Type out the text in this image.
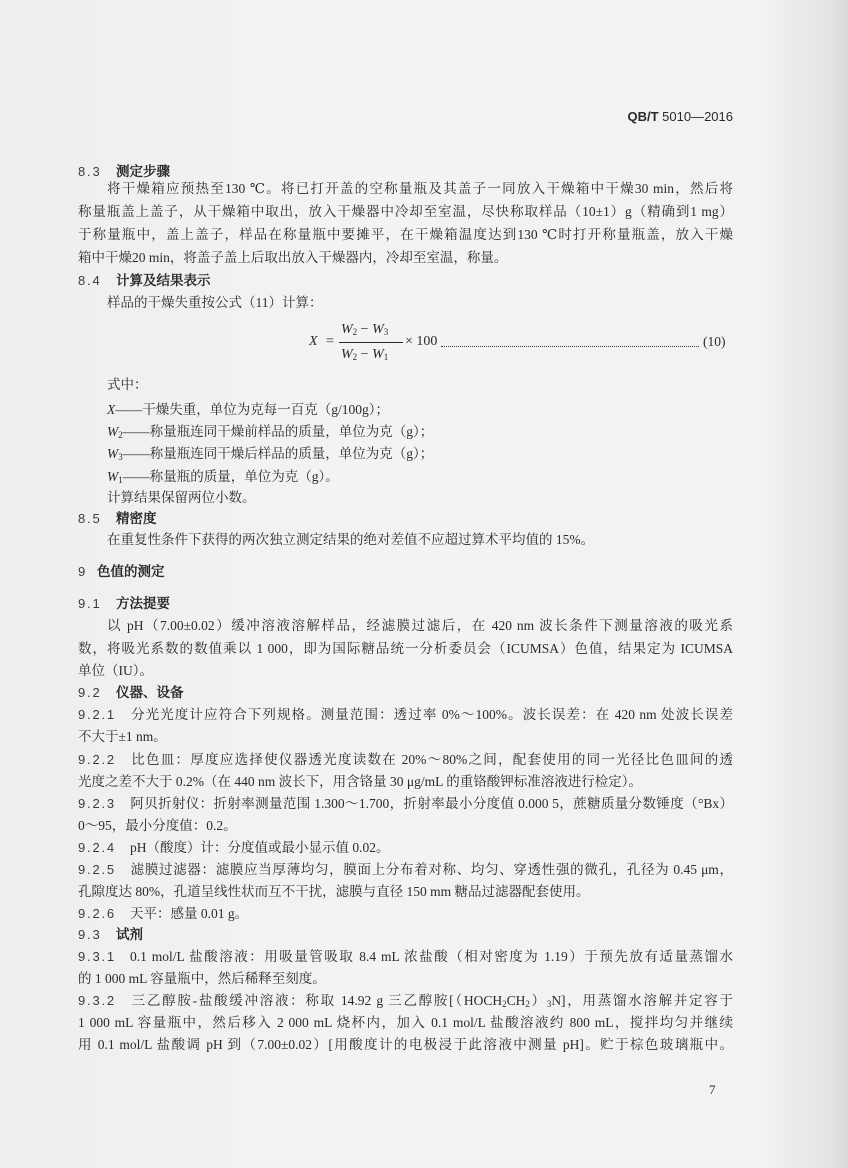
QB/T 5010—2016
8.3 测定步骤
将干燥箱应预热至130 ℃。将已打开盖的空称量瓶及其盖子一同放入干燥箱中干燥30 min，然后将
称量瓶盖上盖子，从干燥箱中取出，放入干燥器中冷却至室温，尽快称取样品（10±1）g（精确到1 mg）
于称量瓶中，盖上盖子，样品在称量瓶中要摊平，在干燥箱温度达到130 ℃时打开称量瓶盖，放入干燥
箱中干燥20 min，将盖子盖上后取出放入干燥器内，冷却至室温，称量。
8.4 计算及结果表示
样品的干燥失重按公式（11）计算：
X =
$W_2 - W_3$
$W_2 - W_1$
× 100	(10)
式中：
X——干燥失重，单位为克每一百克（g/100g）；
$W_2——$称量瓶连同干燥前样品的质量，单位为克（g）；
$W_3——$称量瓶连同干燥后样品的质量，单位为克（g）；
$W_1——$称量瓶的质量，单位为克（g）。
计算结果保留两位小数。
8.5 精密度
在重复性条件下获得的两次独立测定结果的绝对差值不应超过算术平均值的 15%。
9 色值的测定
9.1 方法提要
以 pH（7.00±0.02）缓冲溶液溶解样品，经滤膜过滤后，在 420 nm 波长条件下测量溶液的吸光系
数，将吸光系数的数值乘以 1 000，即为国际糖品统一分析委员会（ICUMSA）色值，结果定为 ICUMSA
单位（IU）。
9.2 仪器、设备
9.2.1 分光光度计应符合下列规格。测量范围：透过率 0%～100%。波长误差：在 420 nm 处波长误差
不大于±1 nm。
9.2.2 比色皿：厚度应选择使仪器透光度读数在 20%～80%之间，配套使用的同一光径比色皿间的透
光度之差不大于 0.2%（在 440 nm 波长下，用含铬量 30 μg/mL 的重铬酸钾标准溶液进行检定）。
9.2.3 阿贝折射仪：折射率测量范围 1.300～1.700，折射率最小分度值 0.000 5，蔗糖质量分数锤度（°Bx）
0～95，最小分度值：0.2。
9.2.4 pH（酸度）计：分度值或最小显示值 0.02。
9.2.5 滤膜过滤器：滤膜应当厚薄均匀，膜面上分布着对称、均匀、穿透性强的微孔，孔径为 0.45 μm，
孔隙度达 80%，孔道呈线性状而互不干扰，滤膜与直径 150 mm 糖品过滤器配套使用。
9.2.6 天平：感量 0.01 g。
9.3 试剂
9.3.1 0.1 mol/L 盐酸溶液：用吸量管吸取 8.4 mL 浓盐酸（相对密度为 1.19）于预先放有适量蒸馏水
的 1 000 mL 容量瓶中，然后稀释至刻度。
9.3.2 三乙醇胺-盐酸缓冲溶液：称取 14.92 g 三乙醇胺$[(HOCH_2CH_2)_3N]$，用蒸馏水溶解并定容于
1 000 mL 容量瓶中，然后移入 2 000 mL 烧杯内，加入 0.1 mol/L 盐酸溶液约 800 mL，搅拌均匀并继续
用 0.1 mol/L 盐酸调 pH 到（7.00±0.02）[用酸度计的电极浸于此溶液中测量 pH]。贮于棕色玻璃瓶中。
7
